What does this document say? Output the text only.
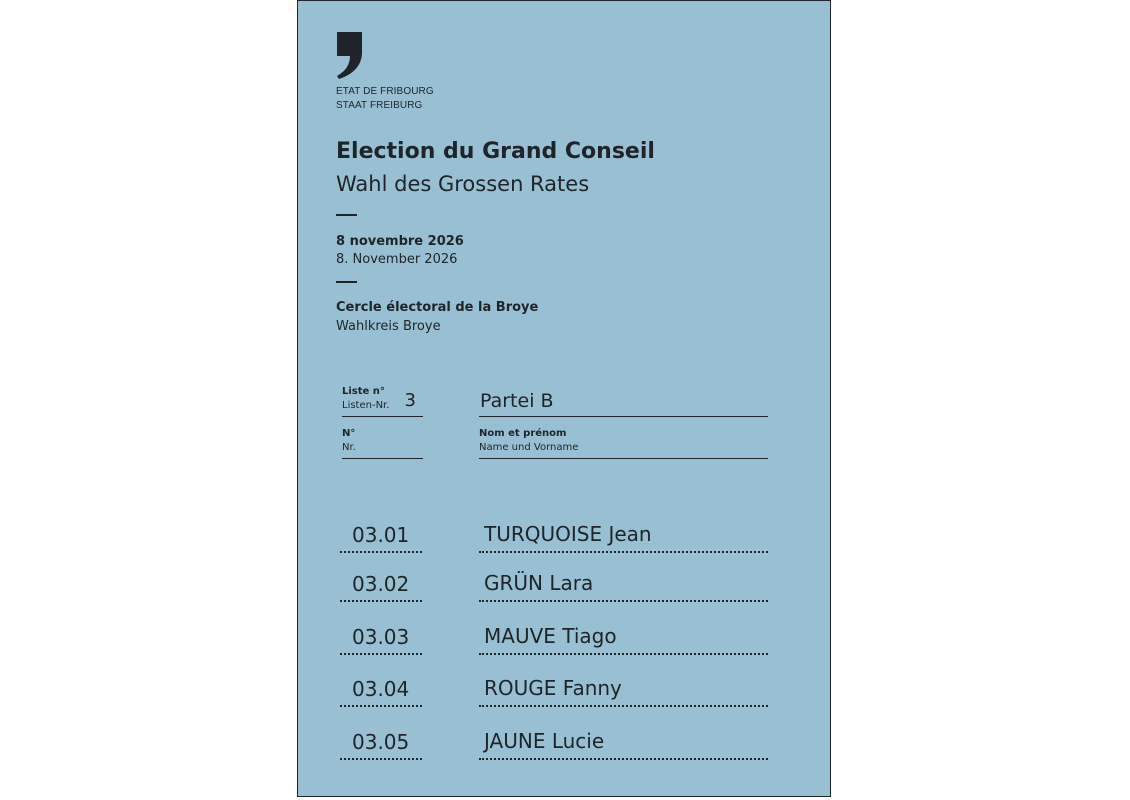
ETAT DE FRIBOURG
STAAT FREIBURG
Election du Grand Conseil
Wahl des Grossen Rates
8 novembre 2026
8. November 2026
Cercle électoral de la Broye
Wahlkreis Broye
Liste n°
Listen-Nr. 3	Partei B
N°
Nr.
Nom et prénom
Name und Vorname
03.01	TURQUOISE Jean
03.02	GRÜN Lara
03.03	MAUVE Tiago
03.04	ROUGE Fanny
03.05	JAUNE Lucie
